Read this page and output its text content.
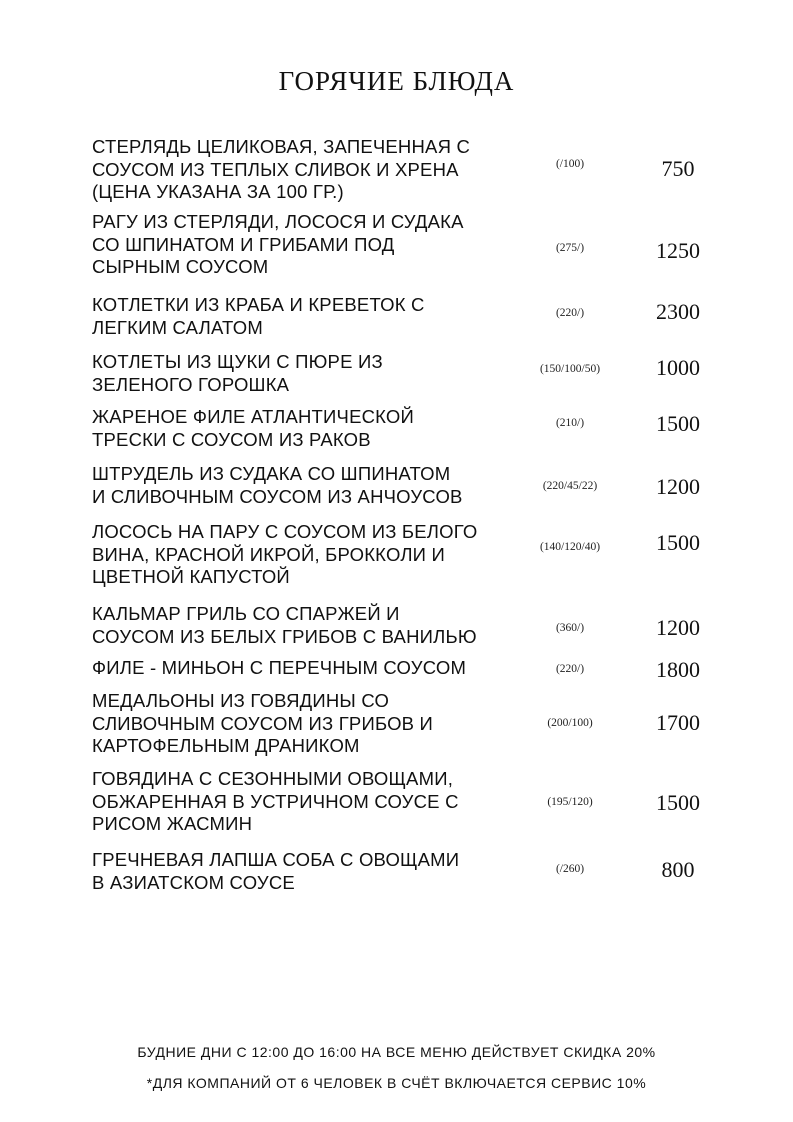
ГОРЯЧИЕ БЛЮДА
СТЕРЛЯДЬ ЦЕЛИКОВАЯ, ЗАПЕЧЕННАЯ С
СОУСОМ ИЗ ТЕПЛЫХ СЛИВОК И ХРЕНА
(ЦЕНА УКАЗАНА ЗА 100 ГР.)
(/100)	750
РАГУ ИЗ СТЕРЛЯДИ, ЛОСОСЯ И СУДАКА
СО ШПИНАТОМ И ГРИБАМИ ПОД
СЫРНЫМ СОУСОМ
(275/)	1250
КОТЛЕТКИ ИЗ КРАБА И КРЕВЕТОК С
ЛЕГКИМ САЛАТОМ
(220/)	2300
КОТЛЕТЫ ИЗ ЩУКИ С ПЮРЕ ИЗ
ЗЕЛЕНОГО ГОРОШКА
(150/100/50)	1000
ЖАРЕНОЕ ФИЛЕ АТЛАНТИЧЕСКОЙ
ТРЕСКИ С СОУСОМ ИЗ РАКОВ
(210/)	1500
ШТРУДЕЛЬ ИЗ СУДАКА СО ШПИНАТОМ
И СЛИВОЧНЫМ СОУСОМ ИЗ АНЧОУСОВ	(220/45/22)	1200
ЛОСОСЬ НА ПАРУ С СОУСОМ ИЗ БЕЛОГО
ВИНА, КРАСНОЙ ИКРОЙ, БРОККОЛИ И
ЦВЕТНОЙ КАПУСТОЙ
(140/120/40)	1500
КАЛЬМАР ГРИЛЬ СО СПАРЖЕЙ И
СОУСОМ ИЗ БЕЛЫХ ГРИБОВ С ВАНИЛЬЮ	(360/)	1200
ФИЛЕ - МИНЬОН С ПЕРЕЧНЫМ СОУСОМ	(220/)	1800
МЕДАЛЬОНЫ ИЗ ГОВЯДИНЫ СО
СЛИВОЧНЫМ СОУСОМ ИЗ ГРИБОВ И
КАРТОФЕЛЬНЫМ ДРАНИКОМ
(200/100)	1700
ГОВЯДИНА С СЕЗОННЫМИ ОВОЩАМИ,
ОБЖАРЕННАЯ В УСТРИЧНОМ СОУСЕ С
РИСОМ ЖАСМИН
(195/120)	1500
ГРЕЧНЕВАЯ ЛАПША СОБА С ОВОЩАМИ
В АЗИАТСКОМ СОУСЕ
(/260)	800
БУДНИЕ ДНИ С 12:00 ДО 16:00 НА ВСЕ МЕНЮ ДЕЙСТВУЕТ СКИДКА 20%
*ДЛЯ КОМПАНИЙ ОТ 6 ЧЕЛОВЕК В СЧЁТ ВКЛЮЧАЕТСЯ СЕРВИС 10%
